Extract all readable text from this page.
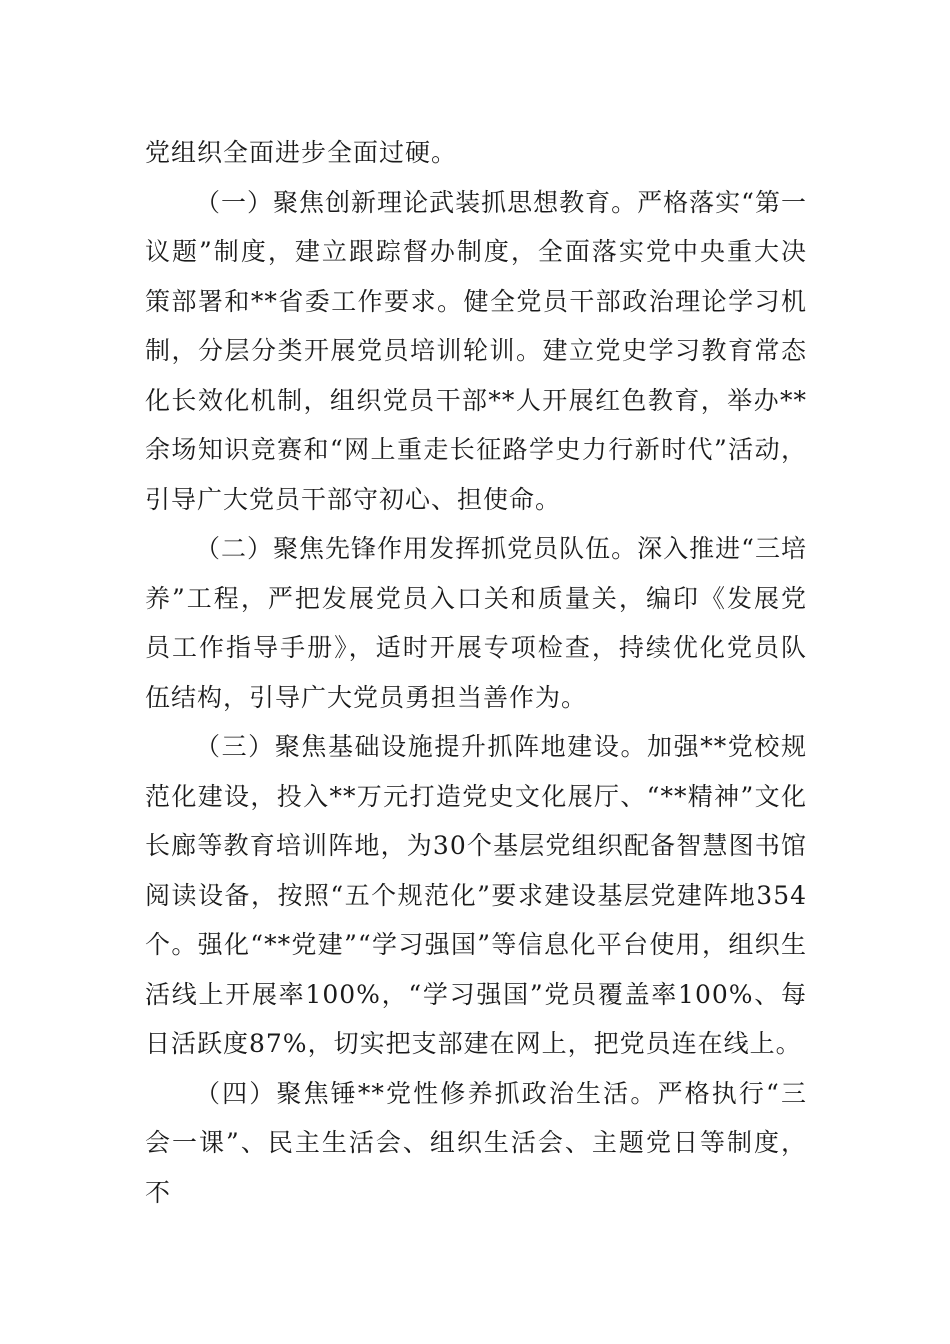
党组织全面进步全面过硬。

（一）聚焦创新理论武装抓思想教育。严格落实“第一议题”制度，建立跟踪督办制度，全面落实党中央重大决策部署和**省委工作要求。健全党员干部政治理论学习机制，分层分类开展党员培训轮训。建立党史学习教育常态化长效化机制，组织党员干部**人开展红色教育，举办**余场知识竞赛和“网上重走长征路学史力行新时代”活动，引导广大党员干部守初心、担使命。

（二）聚焦先锋作用发挥抓党员队伍。深入推进“三培养”工程，严把发展党员入口关和质量关，编印《发展党员工作指导手册》，适时开展专项检查，持续优化党员队伍结构，引导广大党员勇担当善作为。

（三）聚焦基础设施提升抓阵地建设。加强**党校规范化建设，投入**万元打造党史文化展厅、“**精神”文化长廊等教育培训阵地，为30个基层党组织配备智慧图书馆阅读设备，按照“五个规范化”要求建设基层党建阵地354个。强化“**党建”“学习强国”等信息化平台使用，组织生活线上开展率100%，“学习强国”党员覆盖率100%、每日活跃度87%，切实把支部建在网上，把党员连在线上。

（四）聚焦锤**党性修养抓政治生活。严格执行“三会一课”、民主生活会、组织生活会、主题党日等制度，不
